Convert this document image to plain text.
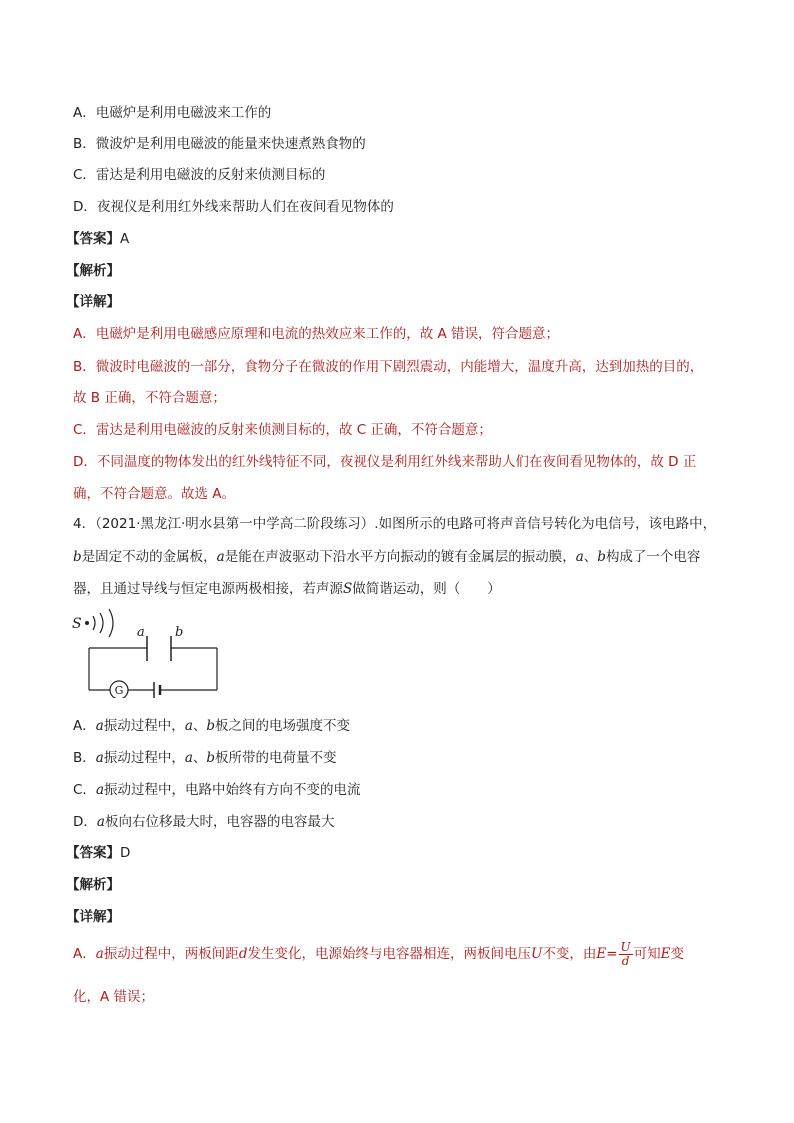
A．电磁炉是利用电磁波来工作的
B．微波炉是利用电磁波的能量来快速煮熟食物的
C．雷达是利用电磁波的反射来侦测目标的
D．夜视仪是利用红外线来帮助人们在夜间看见物体的
【答案】A
【解析】
【详解】
A．电磁炉是利用电磁感应原理和电流的热效应来工作的，故 A 错误，符合题意；
B．微波时电磁波的一部分，食物分子在微波的作用下剧烈震动，内能增大，温度升高，达到加热的目的，
故 B 正确，不符合题意；
C．雷达是利用电磁波的反射来侦测目标的，故 C 正确，不符合题意；
D．不同温度的物体发出的红外线特征不同，夜视仪是利用红外线来帮助人们在夜间看见物体的，故 D 正
确，不符合题意。故选 A。
4．（2021·黑龙江·明水县第一中学高二阶段练习）.如图所示的电路可将声音信号转化为电信号，该电路中，
b是固定不动的金属板，a是能在声波驱动下沿水平方向振动的镀有金属层的振动膜，a、b构成了一个电容
器，且通过导线与恒定电源两极相接，若声源S做简谐运动，则（　　）
S
a b
G
A．a振动过程中，a、b板之间的电场强度不变
B．a振动过程中，a、b板所带的电荷量不变
C．a振动过程中，电路中始终有方向不变的电流
D．a板向右位移最大时，电容器的电容最大
【答案】D
【解析】
【详解】
A．a振动过程中，两板间距d发生变化，电源始终与电容器相连，两板间电压U不变，由$E= \frac{U}{d}$ 可知E变
化，A 错误；
